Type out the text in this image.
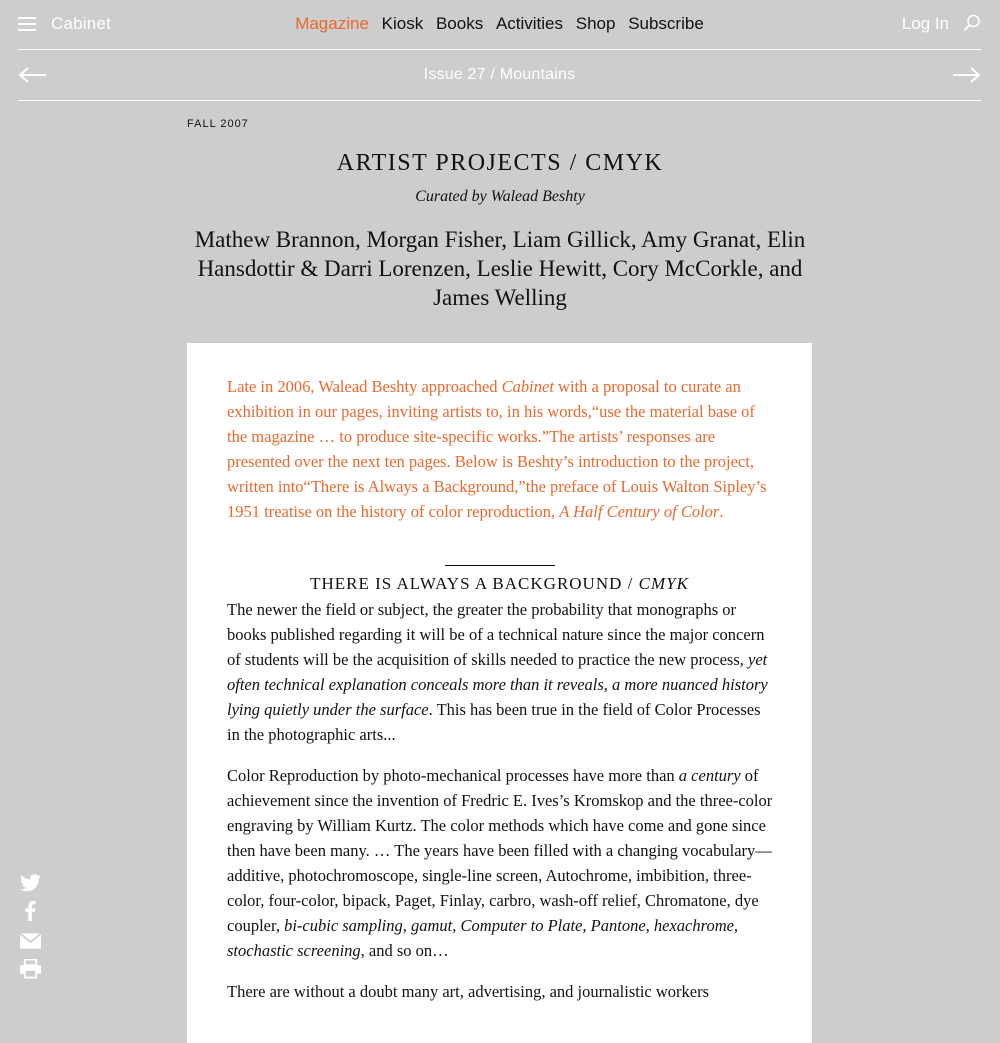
Cabinet	Magazine Kiosk Books Activities Shop Subscribe	Log In
Issue 27 / Mountains
FALL 2007
ARTIST PROJECTS / CMYK
Curated by Walead Beshty
Mathew Brannon, Morgan Fisher, Liam Gillick, Amy Granat, Elin Hansdottir & Darri Lorenzen, Leslie Hewitt, Cory McCorkle, and James Welling

Late in 2006, Walead Beshty approached Cabinet with a proposal to curate an exhibition in our pages, inviting artists to, in his words,“use the material base of the magazine … to produce site-specific works.”The artists’ responses are presented over the next ten pages. Below is Beshty’s introduction to the project, written into“There is Always a Background,”the preface of Louis Walton Sipley’s 1951 treatise on the history of color reproduction, A Half Century of Color.

THERE IS ALWAYS A BACKGROUND / CMYK

The newer the field or subject, the greater the probability that monographs or books published regarding it will be of a technical nature since the major concern of students will be the acquisition of skills needed to practice the new process, yet often technical explanation conceals more than it reveals, a more nuanced history lying quietly under the surface. This has been true in the field of Color Processes in the photographic arts...

Color Reproduction by photo-mechanical processes have more than a century of achievement since the invention of Fredric E. Ives’s Kromskop and the three-color engraving by William Kurtz. The color methods which have come and gone since then have been many. … The years have been filled with a changing vocabulary—additive, photochromoscope, single-line screen, Autochrome, imbibition, three-color, four-color, bipack, Paget, Finlay, carbro, wash-off relief, Chromatone, dye coupler, bi-cubic sampling, gamut, Computer to Plate, Pantone, hexachrome, stochastic screening, and so on…

There are without a doubt many art, advertising, and journalistic workers
